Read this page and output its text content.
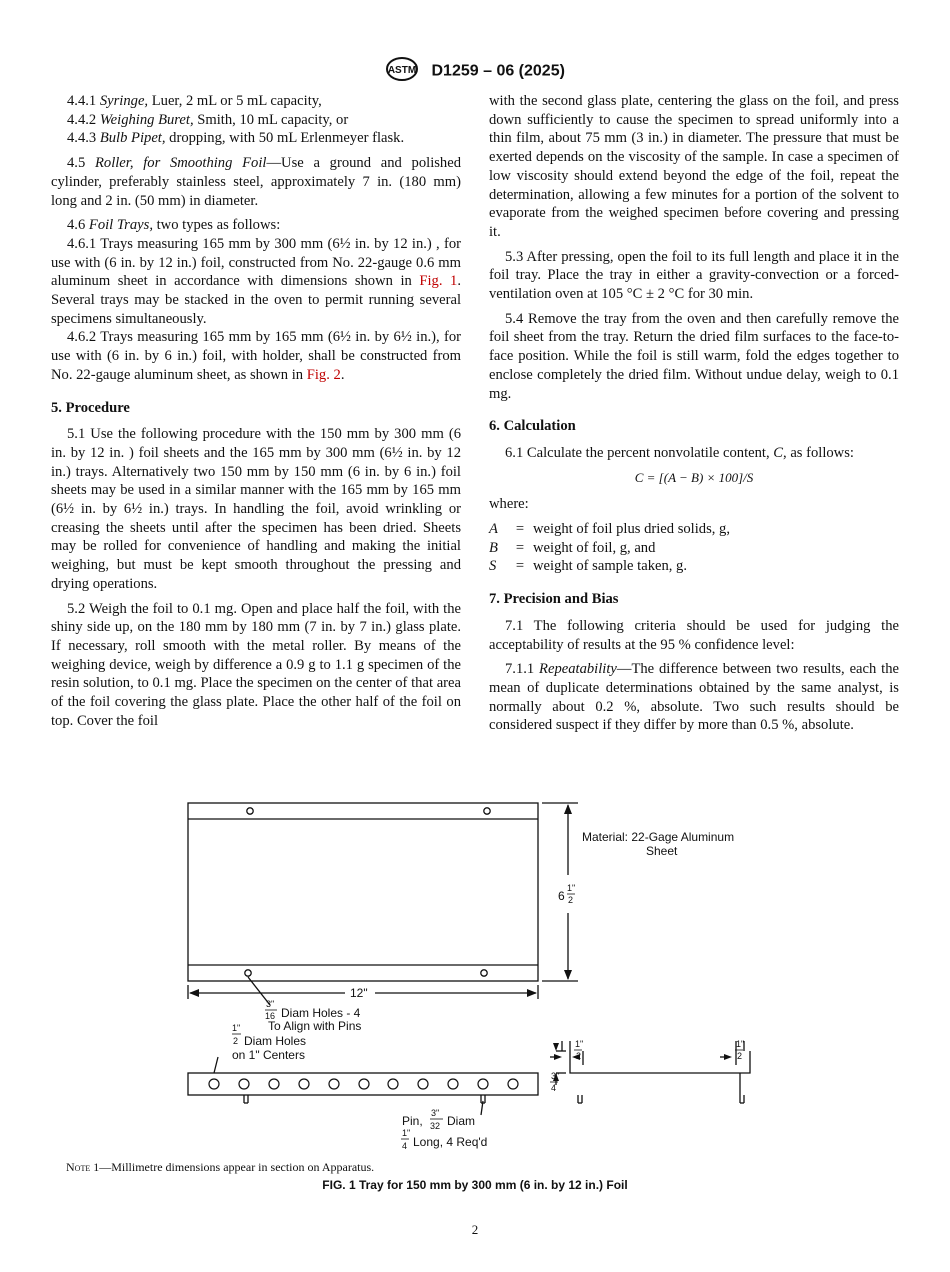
ASTM D1259 – 06 (2025)

4.4.1 Syringe, Luer, 2 mL or 5 mL capacity,

4.4.2 Weighing Buret, Smith, 10 mL capacity, or

4.4.3 Bulb Pipet, dropping, with 50 mL Erlenmeyer flask.

4.5 Roller, for Smoothing Foil—Use a ground and polished cylinder, preferably stainless steel, approximately 7 in. (180 mm) long and 2 in. (50 mm) in diameter.

4.6 Foil Trays, two types as follows:

4.6.1 Trays measuring 165 mm by 300 mm (6½ in. by 12 in.) , for use with (6 in. by 12 in.) foil, constructed from No. 22-gauge 0.6 mm aluminum sheet in accordance with dimensions shown in Fig. 1. Several trays may be stacked in the oven to permit running several specimens simultaneously.

4.6.2 Trays measuring 165 mm by 165 mm (6½ in. by 6½ in.), for use with (6 in. by 6 in.) foil, with holder, shall be constructed from No. 22-gauge aluminum sheet, as shown in Fig. 2.

5. Procedure

5.1 Use the following procedure with the 150 mm by 300 mm (6 in. by 12 in. ) foil sheets and the 165 mm by 300 mm (6½ in. by 12 in.) trays. Alternatively two 150 mm by 150 mm (6 in. by 6 in.) foil sheets may be used in a similar manner with the 165 mm by 165 mm (6½ in. by 6½ in.) trays. In handling the foil, avoid wrinkling or creasing the sheets until after the specimen has been dried. Sheets may be rolled for convenience of handling and making the initial weighing, but must be kept smooth throughout the pressing and drying operations.

5.2 Weigh the foil to 0.1 mg. Open and place half the foil, with the shiny side up, on the 180 mm by 180 mm (7 in. by 7 in.) glass plate. If necessary, roll smooth with the metal roller. By means of the weighing device, weigh by difference a 0.9 g to 1.1 g specimen of the resin solution, to 0.1 mg. Place the specimen on the center of that area of the foil covering the glass plate. Place the other half of the foil on top. Cover the foil

with the second glass plate, centering the glass on the foil, and press down sufficiently to cause the specimen to spread uniformly into a thin film, about 75 mm (3 in.) in diameter. The pressure that must be exerted depends on the viscosity of the sample. In case a specimen of low viscosity should extend beyond the edge of the foil, repeat the determination, allowing a few minutes for a portion of the solvent to evaporate from the weighed specimen before covering and pressing it.

5.3 After pressing, open the foil to its full length and place it in the foil tray. Place the tray in either a gravity-convection or a forced-ventilation oven at 105 °C ± 2 °C for 30 min.

5.4 Remove the tray from the oven and then carefully remove the foil sheet from the tray. Return the dried film surfaces to the face-to-face position. While the foil is still warm, fold the edges together to enclose completely the dried film. Without undue delay, weigh to 0.1 mg.

6. Calculation

6.1 Calculate the percent nonvolatile content, C, as follows:

C = [(A − B) × 100]/S

where:

A	=	weight of foil plus dried solids, g,
B	=	weight of foil, g, and
S	=	weight of sample taken, g.
7. Precision and Bias

7.1 The following criteria should be used for judging the acceptability of results at the 95 % confidence level:

7.1.1 Repeatability—The difference between two results, each the mean of duplicate determinations obtained by the same analyst, is normally about 0.2 %, absolute. Two such results should be considered suspect if they differ by more than 0.5 %, absolute.

Material: 22-Gage Aluminum
Sheet
6
1"
2
12"
3"
16 Diam Holes - 4
To Align with Pins
1"
2 Diam Holes
on 1" Centers
1"
2
1"
2
3"
4
Pin,
3"
32 Diam
1"
4 Long, 4 Req'd
Note 1—Millimetre dimensions appear in section on Apparatus.
FIG. 1 Tray for 150 mm by 300 mm (6 in. by 12 in.) Foil
2
